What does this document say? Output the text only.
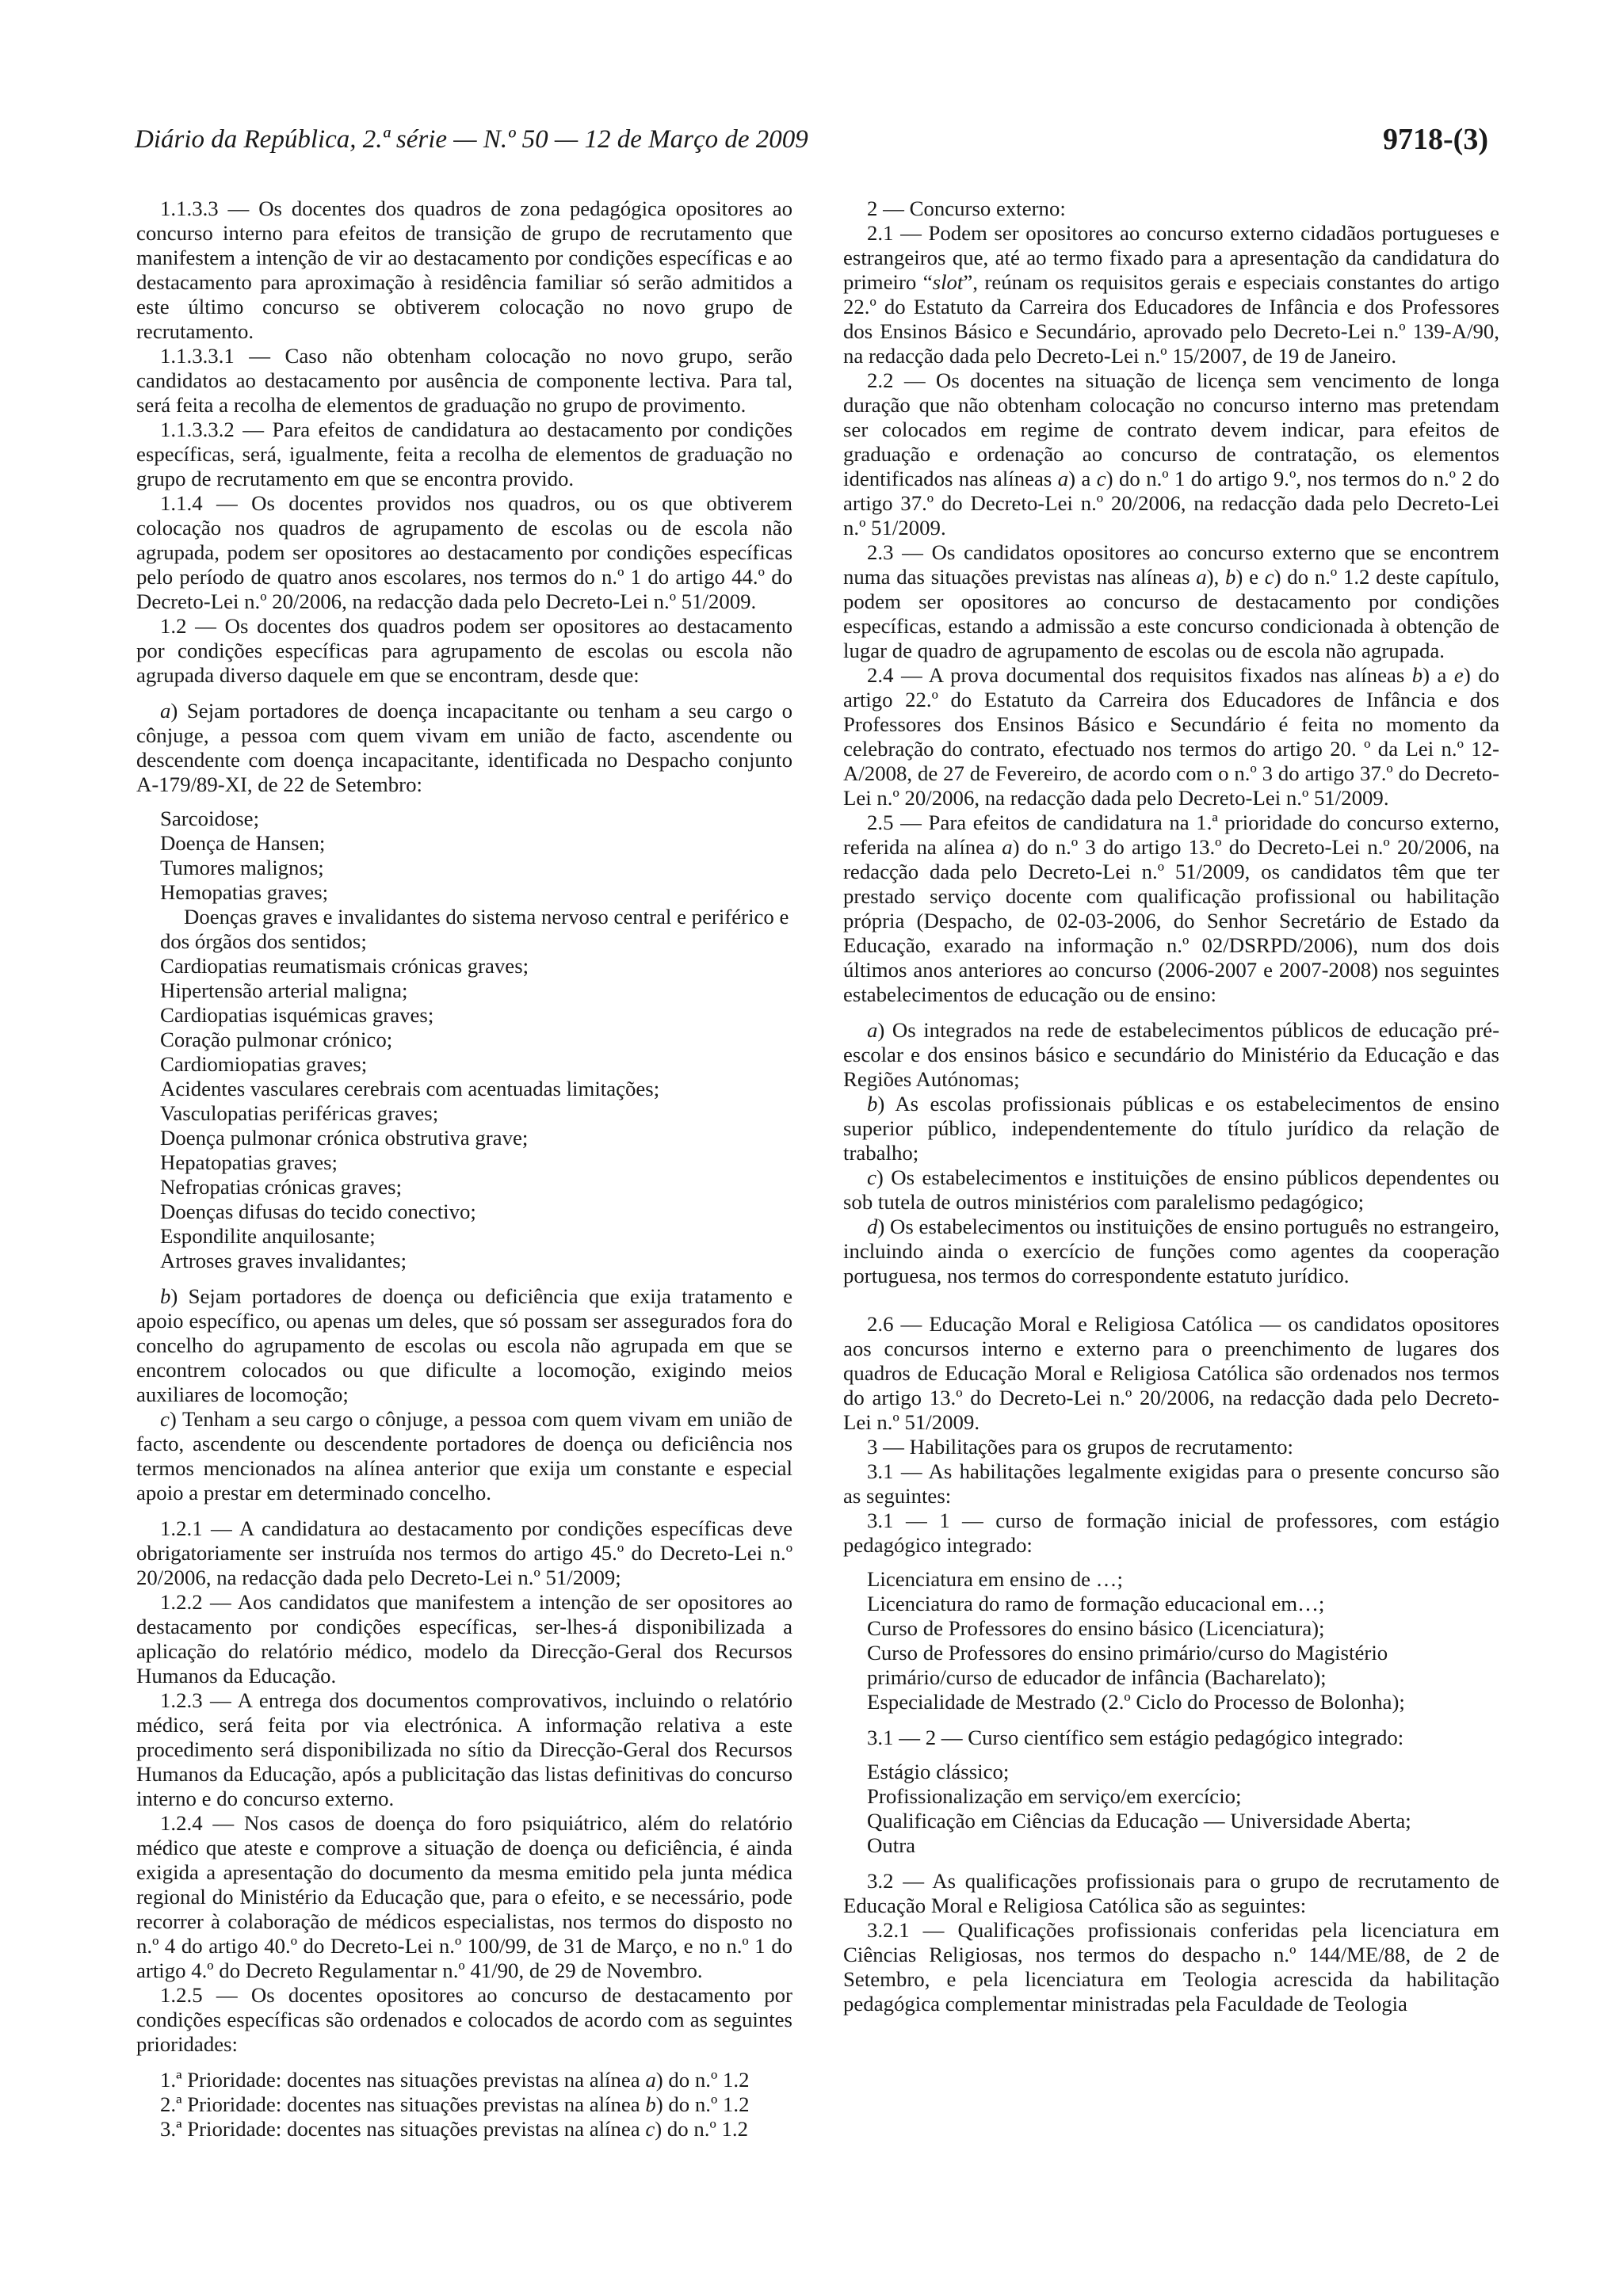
Diário da República, 2.ª série — N.º 50 — 12 de Março de 2009	9718-(3)

1.1.3.3 — Os docentes dos quadros de zona pedagógica opositores ao concurso interno para efeitos de transição de grupo de recrutamento que manifestem a intenção de vir ao destacamento por condições específicas e ao destacamento para aproximação à residência familiar só serão admitidos a este último concurso se obtiverem colocação no novo grupo de recrutamento.

1.1.3.3.1 — Caso não obtenham colocação no novo grupo, serão candidatos ao destacamento por ausência de componente lectiva. Para tal, será feita a recolha de elementos de graduação no grupo de provimento.

1.1.3.3.2 — Para efeitos de candidatura ao destacamento por condições específicas, será, igualmente, feita a recolha de elementos de graduação no grupo de recrutamento em que se encontra provido.

1.1.4 — Os docentes providos nos quadros, ou os que obtiverem colocação nos quadros de agrupamento de escolas ou de escola não agrupada, podem ser opositores ao destacamento por condições específicas pelo período de quatro anos escolares, nos termos do n.º 1 do artigo 44.º do Decreto-Lei n.º 20/2006, na redacção dada pelo Decreto-Lei n.º 51/2009.

1.2 — Os docentes dos quadros podem ser opositores ao destacamento por condições específicas para agrupamento de escolas ou escola não agrupada diverso daquele em que se encontram, desde que:

a) Sejam portadores de doença incapacitante ou tenham a seu cargo o cônjuge, a pessoa com quem vivam em união de facto, ascendente ou descendente com doença incapacitante, identificada no Despacho conjunto A-179/89-XI, de 22 de Setembro:

Sarcoidose;
Doença de Hansen;
Tumores malignos;
Hemopatias graves;
Doenças graves e invalidantes do sistema nervoso central e periférico e dos órgãos dos sentidos;
Cardiopatias reumatismais crónicas graves;
Hipertensão arterial maligna;
Cardiopatias isquémicas graves;
Coração pulmonar crónico;
Cardiomiopatias graves;
Acidentes vasculares cerebrais com acentuadas limitações;
Vasculopatias periféricas graves;
Doença pulmonar crónica obstrutiva grave;
Hepatopatias graves;
Nefropatias crónicas graves;
Doenças difusas do tecido conectivo;
Espondilite anquilosante;
Artroses graves invalidantes;

b) Sejam portadores de doença ou deficiência que exija tratamento e apoio específico, ou apenas um deles, que só possam ser assegurados fora do concelho do agrupamento de escolas ou escola não agrupada em que se encontrem colocados ou que dificulte a locomoção, exigindo meios auxiliares de locomoção;

c) Tenham a seu cargo o cônjuge, a pessoa com quem vivam em união de facto, ascendente ou descendente portadores de doença ou deficiência nos termos mencionados na alínea anterior que exija um constante e especial apoio a prestar em determinado concelho.

1.2.1 — A candidatura ao destacamento por condições específicas deve obrigatoriamente ser instruída nos termos do artigo 45.º do Decreto-Lei n.º 20/2006, na redacção dada pelo Decreto-Lei n.º 51/2009;

1.2.2 — Aos candidatos que manifestem a intenção de ser opositores ao destacamento por condições específicas, ser-lhes-á disponibilizada a aplicação do relatório médico, modelo da Direcção-Geral dos Recursos Humanos da Educação.

1.2.3 — A entrega dos documentos comprovativos, incluindo o relatório médico, será feita por via electrónica. A informação relativa a este procedimento será disponibilizada no sítio da Direcção-Geral dos Recursos Humanos da Educação, após a publicitação das listas definitivas do concurso interno e do concurso externo.

1.2.4 — Nos casos de doença do foro psiquiátrico, além do relatório médico que ateste e comprove a situação de doença ou deficiência, é ainda exigida a apresentação do documento da mesma emitido pela junta médica regional do Ministério da Educação que, para o efeito, e se necessário, pode recorrer à colaboração de médicos especialistas, nos termos do disposto no n.º 4 do artigo 40.º do Decreto-Lei n.º 100/99, de 31 de Março, e no n.º 1 do artigo 4.º do Decreto Regulamentar n.º 41/90, de 29 de Novembro.

1.2.5 — Os docentes opositores ao concurso de destacamento por condições específicas são ordenados e colocados de acordo com as seguintes prioridades:

1.ª Prioridade: docentes nas situações previstas na alínea a) do n.º 1.2

2.ª Prioridade: docentes nas situações previstas na alínea b) do n.º 1.2

3.ª Prioridade: docentes nas situações previstas na alínea c) do n.º 1.2

2 — Concurso externo:

2.1 — Podem ser opositores ao concurso externo cidadãos portugueses e estrangeiros que, até ao termo fixado para a apresentação da candidatura do primeiro “slot”, reúnam os requisitos gerais e especiais constantes do artigo 22.º do Estatuto da Carreira dos Educadores de Infância e dos Professores dos Ensinos Básico e Secundário, aprovado pelo Decreto-Lei n.º 139-A/90, na redacção dada pelo Decreto-Lei n.º 15/2007, de 19 de Janeiro.

2.2 — Os docentes na situação de licença sem vencimento de longa duração que não obtenham colocação no concurso interno mas pretendam ser colocados em regime de contrato devem indicar, para efeitos de graduação e ordenação ao concurso de contratação, os elementos identificados nas alíneas a) a c) do n.º 1 do artigo 9.º, nos termos do n.º 2 do artigo 37.º do Decreto-Lei n.º 20/2006, na redacção dada pelo Decreto-Lei n.º 51/2009.

2.3 — Os candidatos opositores ao concurso externo que se encontrem numa das situações previstas nas alíneas a), b) e c) do n.º 1.2 deste capítulo, podem ser opositores ao concurso de destacamento por condições específicas, estando a admissão a este concurso condicionada à obtenção de lugar de quadro de agrupamento de escolas ou de escola não agrupada.

2.4 — A prova documental dos requisitos fixados nas alíneas b) a e) do artigo 22.º do Estatuto da Carreira dos Educadores de Infância e dos Professores dos Ensinos Básico e Secundário é feita no momento da celebração do contrato, efectuado nos termos do artigo 20. º da Lei n.º 12-A/2008, de 27 de Fevereiro, de acordo com o n.º 3 do artigo 37.º do Decreto-Lei n.º 20/2006, na redacção dada pelo Decreto-Lei n.º 51/2009.

2.5 — Para efeitos de candidatura na 1.ª prioridade do concurso externo, referida na alínea a) do n.º 3 do artigo 13.º do Decreto-Lei n.º 20/2006, na redacção dada pelo Decreto-Lei n.º 51/2009, os candidatos têm que ter prestado serviço docente com qualificação profissional ou habilitação própria (Despacho, de 02-03-2006, do Senhor Secretário de Estado da Educação, exarado na informação n.º 02/DSRPD/2006), num dos dois últimos anos anteriores ao concurso (2006-2007 e 2007-2008) nos seguintes estabelecimentos de educação ou de ensino:

a) Os integrados na rede de estabelecimentos públicos de educação pré-escolar e dos ensinos básico e secundário do Ministério da Educação e das Regiões Autónomas;

b) As escolas profissionais públicas e os estabelecimentos de ensino superior público, independentemente do título jurídico da relação de trabalho;

c) Os estabelecimentos e instituições de ensino públicos dependentes ou sob tutela de outros ministérios com paralelismo pedagógico;

d) Os estabelecimentos ou instituições de ensino português no estrangeiro, incluindo ainda o exercício de funções como agentes da cooperação portuguesa, nos termos do correspondente estatuto jurídico.

2.6 — Educação Moral e Religiosa Católica — os candidatos opositores aos concursos interno e externo para o preenchimento de lugares dos quadros de Educação Moral e Religiosa Católica são ordenados nos termos do artigo 13.º do Decreto-Lei n.º 20/2006, na redacção dada pelo Decreto-Lei n.º 51/2009.

3 — Habilitações para os grupos de recrutamento:

3.1 — As habilitações legalmente exigidas para o presente concurso são as seguintes:

3.1 — 1 — curso de formação inicial de professores, com estágio pedagógico integrado:

Licenciatura em ensino de …;
Licenciatura do ramo de formação educacional em…;
Curso de Professores do ensino básico (Licenciatura);
Curso de Professores do ensino primário/curso do Magistério primário/curso de educador de infância (Bacharelato);
Especialidade de Mestrado (2.º Ciclo do Processo de Bolonha);

3.1 — 2 — Curso científico sem estágio pedagógico integrado:

Estágio clássico;
Profissionalização em serviço/em exercício;
Qualificação em Ciências da Educação — Universidade Aberta;
Outra

3.2 — As qualificações profissionais para o grupo de recrutamento de Educação Moral e Religiosa Católica são as seguintes:

3.2.1 — Qualificações profissionais conferidas pela licenciatura em Ciências Religiosas, nos termos do despacho n.º 144/ME/88, de 2 de Setembro, e pela licenciatura em Teologia acrescida da habilitação pedagógica complementar ministradas pela Faculdade de Teologia
